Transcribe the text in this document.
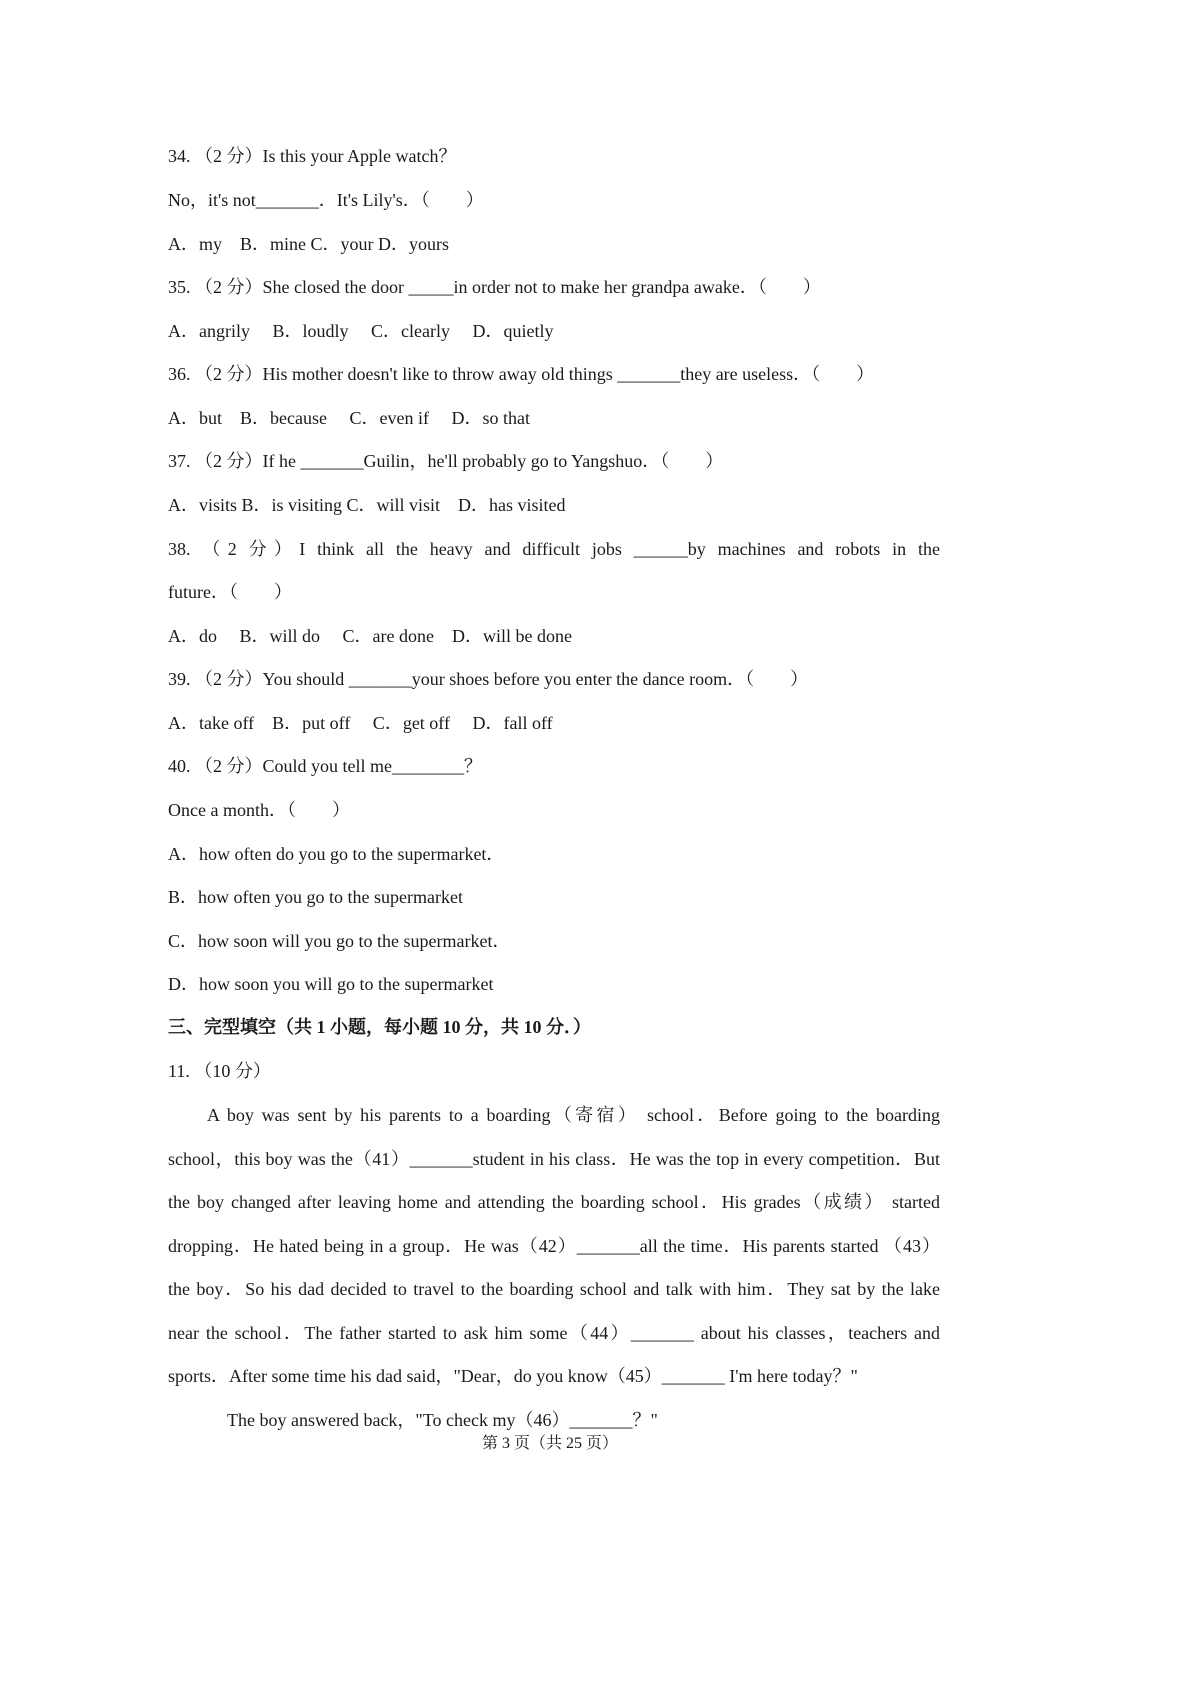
34. （2 分）Is this your Apple watch？
No，it's not_______．It's Lily's．（　　）
A．my　B．mine C．your D．yours
35. （2 分）She closed the door _____in order not to make her grandpa awake．（　　）
A．angrily　 B．loudly　 C．clearly　 D．quietly
36. （2 分）His mother doesn't like to throw away old things _______they are useless．（　　）
A．but　B．because　 C．even if　 D．so that
37. （2 分）If he _______Guilin，he'll probably go to Yangshuo．（　　）
A．visits B．is visiting C．will visit　D．has visited
38. （2 分）I think all the heavy and difficult jobs ______by machines and robots in the
future．（　　）
A．do　 B．will do　 C．are done　D．will be done
39. （2 分）You should _______your shoes before you enter the dance room．（　　）
A．take off　B．put off　 C．get off　 D．fall off
40. （2 分）Could you tell me________？
Once a month．（　　）
A．how often do you go to the supermarket．
B．how often you go to the supermarket
C．how soon will you go to the supermarket．
D．how soon you will go to the supermarket
三、完型填空（共 1 小题，每小题 10 分，共 10 分．）
11. （10 分）
A boy was sent by his parents to a boarding（寄宿） school．Before going to the boarding
school，this boy was the（41）_______student in his class．He was the top in every competition．But
the boy changed after leaving home and attending the boarding school．His grades（成绩） started
dropping．He hated being in a group．He was（42）_______all the time．His parents started （43）
the boy．So his dad decided to travel to the boarding school and talk with him．They sat by the lake
near the school．The father started to ask him some（44）_______ about his classes，teachers and
sports．After some time his dad said，"Dear，do you know（45）_______ I'm here today？"
The boy answered back，"To check my（46）_______？"
第 3 页（共 25 页）
